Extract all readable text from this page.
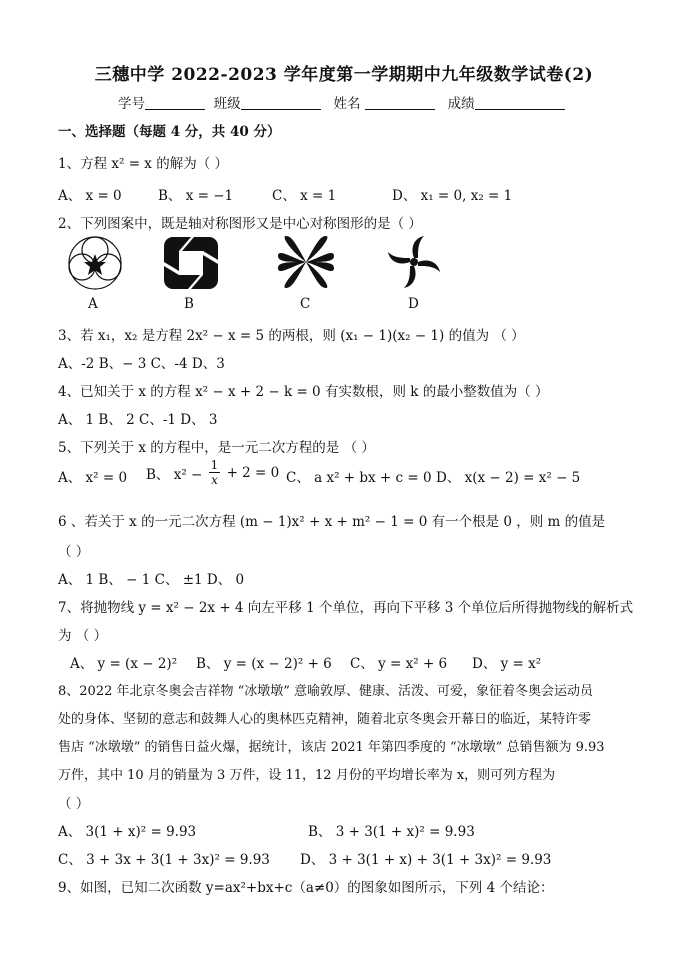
三穗中学 2022-2023 学年度第一学期期中九年级数学试卷(2)
学号	班级	姓名	成绩
一、选择题（每题 4 分，共 40 分）
1、方程 x² = x 的解为（ ）
A、 x = 0	B、 x = −1	C、 x = 1	D、 x₁ = 0, x₂ = 1
2、下列图案中，既是轴对称图形又是中心对称图形的是（ ）
A	B	C	D
3、若 x₁，x₂ 是方程 2x² − x = 5 的两根，则 (x₁ − 1)(x₂ − 1) 的值为 （ ）
A、-2 B、− 3 C、-4 D、3
4、已知关于 x 的方程 x² − x + 2 − k = 0 有实数根，则 k 的最小整数值为（ ）
A、 1 B、 2 C、-1 D、 3
5、下列关于 x 的方程中，是一元二次方程的是 （ ）
A、 x² = 0 B、 $x^2 - \frac{1}{x} + 2 = 0$ C、 a x² + bx + c = 0 D、 x(x − 2) = x² − 5
6 、若关于 x 的一元二次方程 (m − 1)x² + x + m² − 1 = 0 有一个根是 0 ，则 m 的值是
（ ）
A、 1 B、 − 1 C、 ±1 D、 0
7、将抛物线 y = x² − 2x + 4 向左平移 1 个单位，再向下平移 3 个单位后所得抛物线的解析式
为 （ ）
A、 y = (x − 2)² B、 y = (x − 2)² + 6 C、 y = x² + 6 D、 y = x²
8、2022 年北京冬奥会吉祥物 “冰墩墩” 意喻敦厚、健康、活泼、可爱，象征着冬奥会运动员
处的身体、坚韧的意志和鼓舞人心的奥林匹克精神，随着北京冬奥会开幕日的临近，某特许零
售店 “冰墩墩” 的销售日益火爆，据统计，该店 2021 年第四季度的 “冰墩墩” 总销售额为 9.93
万件，其中 10 月的销量为 3 万件，设 11，12 月份的平均增长率为 x，则可列方程为
（ ）
A、 3(1 + x)² = 9.93	B、 3 + 3(1 + x)² = 9.93
C、 3 + 3x + 3(1 + 3x)² = 9.93 D、 3 + 3(1 + x) + 3(1 + 3x)² = 9.93
9、如图，已知二次函数 y=ax²+bx+c（a≠0）的图象如图所示，下列 4 个结论：
